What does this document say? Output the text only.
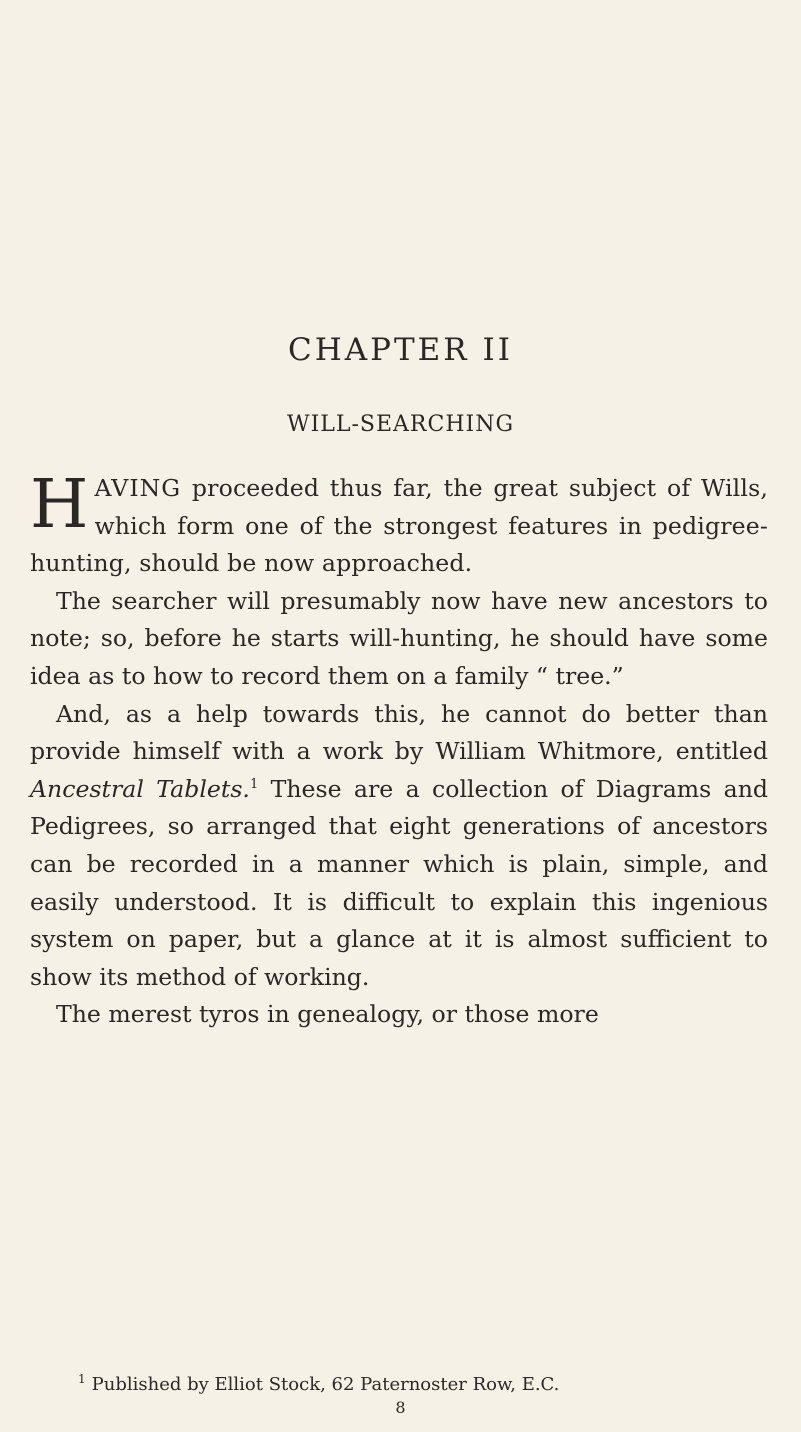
CHAPTER II
WILL-SEARCHING

HAVING proceeded thus far, the great subject of Wills, which form one of the strongest features in pedigree-hunting, should be now approached.

The searcher will presumably now have new ancestors to note; so, before he starts will-hunting, he should have some idea as to how to record them on a family “ tree.”

And, as a help towards this, he cannot do better than provide himself with a work by William Whitmore, entitled Ancestral Tablets.$^1$ These are a collection of Diagrams and Pedigrees, so arranged that eight generations of ancestors can be recorded in a manner which is plain, simple, and easily understood. It is difficult to explain this ingenious system on paper, but a glance at it is almost sufficient to show its method of working.

The merest tyros in genealogy, or those more

$^1$ Published by Elliot Stock, 62 Paternoster Row, E.C.
8
